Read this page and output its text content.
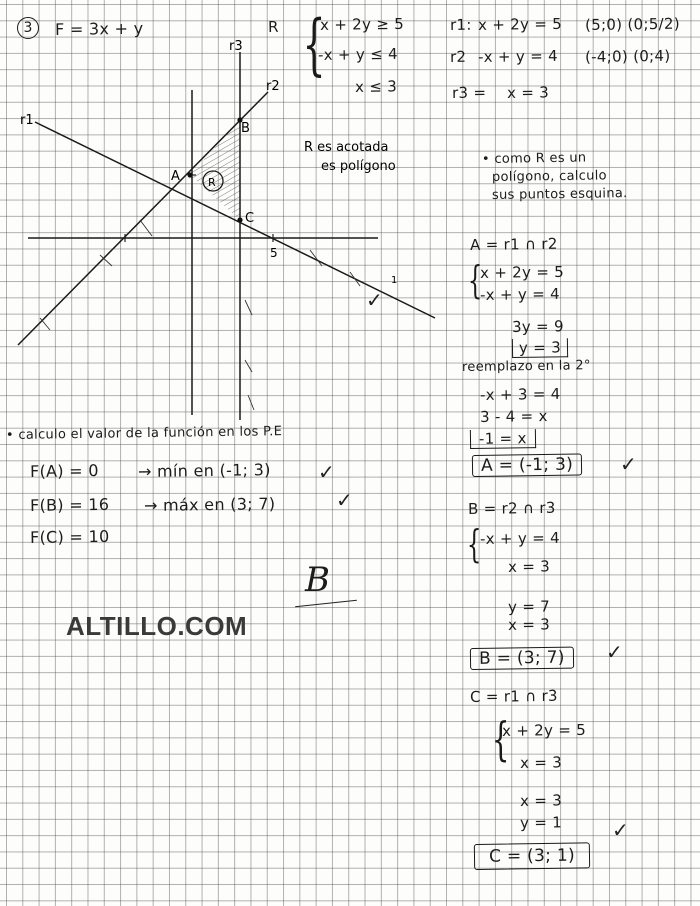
r1
r2
r3
A
B
C
R
5
1
R es acotada
es polígono
✓
3	F = 3x + y	R {
x + 2y ≥ 5
-x + y ≤ 4
x ≤ 3
r1: x + 2y = 5 (5;0) (0;5/2)
r2 -x + y = 4 (-4;0) (0;4)
r3 = x = 3
• como R es un
polígono, calculo
sus puntos esquina.
A = r1 ∩ r2
{
x + 2y = 5
-x + y = 4
3y = 9
y = 3
reemplazo en la 2°
-x + 3 = 4
3 - 4 = x
-1 = x
A = (-1; 3)	✓
B = r2 ∩ r3
{
-x + y = 4
x = 3
y = 7
x = 3
B = (3; 7)	✓
C = r1 ∩ r3
{
x + 2y = 5
x = 3
x = 3
y = 1
C = (3; 1)
✓
• calculo el valor de la función en los P.E
F(A) = 0 → mín en (-1; 3) ✓
F(B) = 16 → máx en (3; 7)	✓
F(C) = 10
B
ALTILLO.COM
